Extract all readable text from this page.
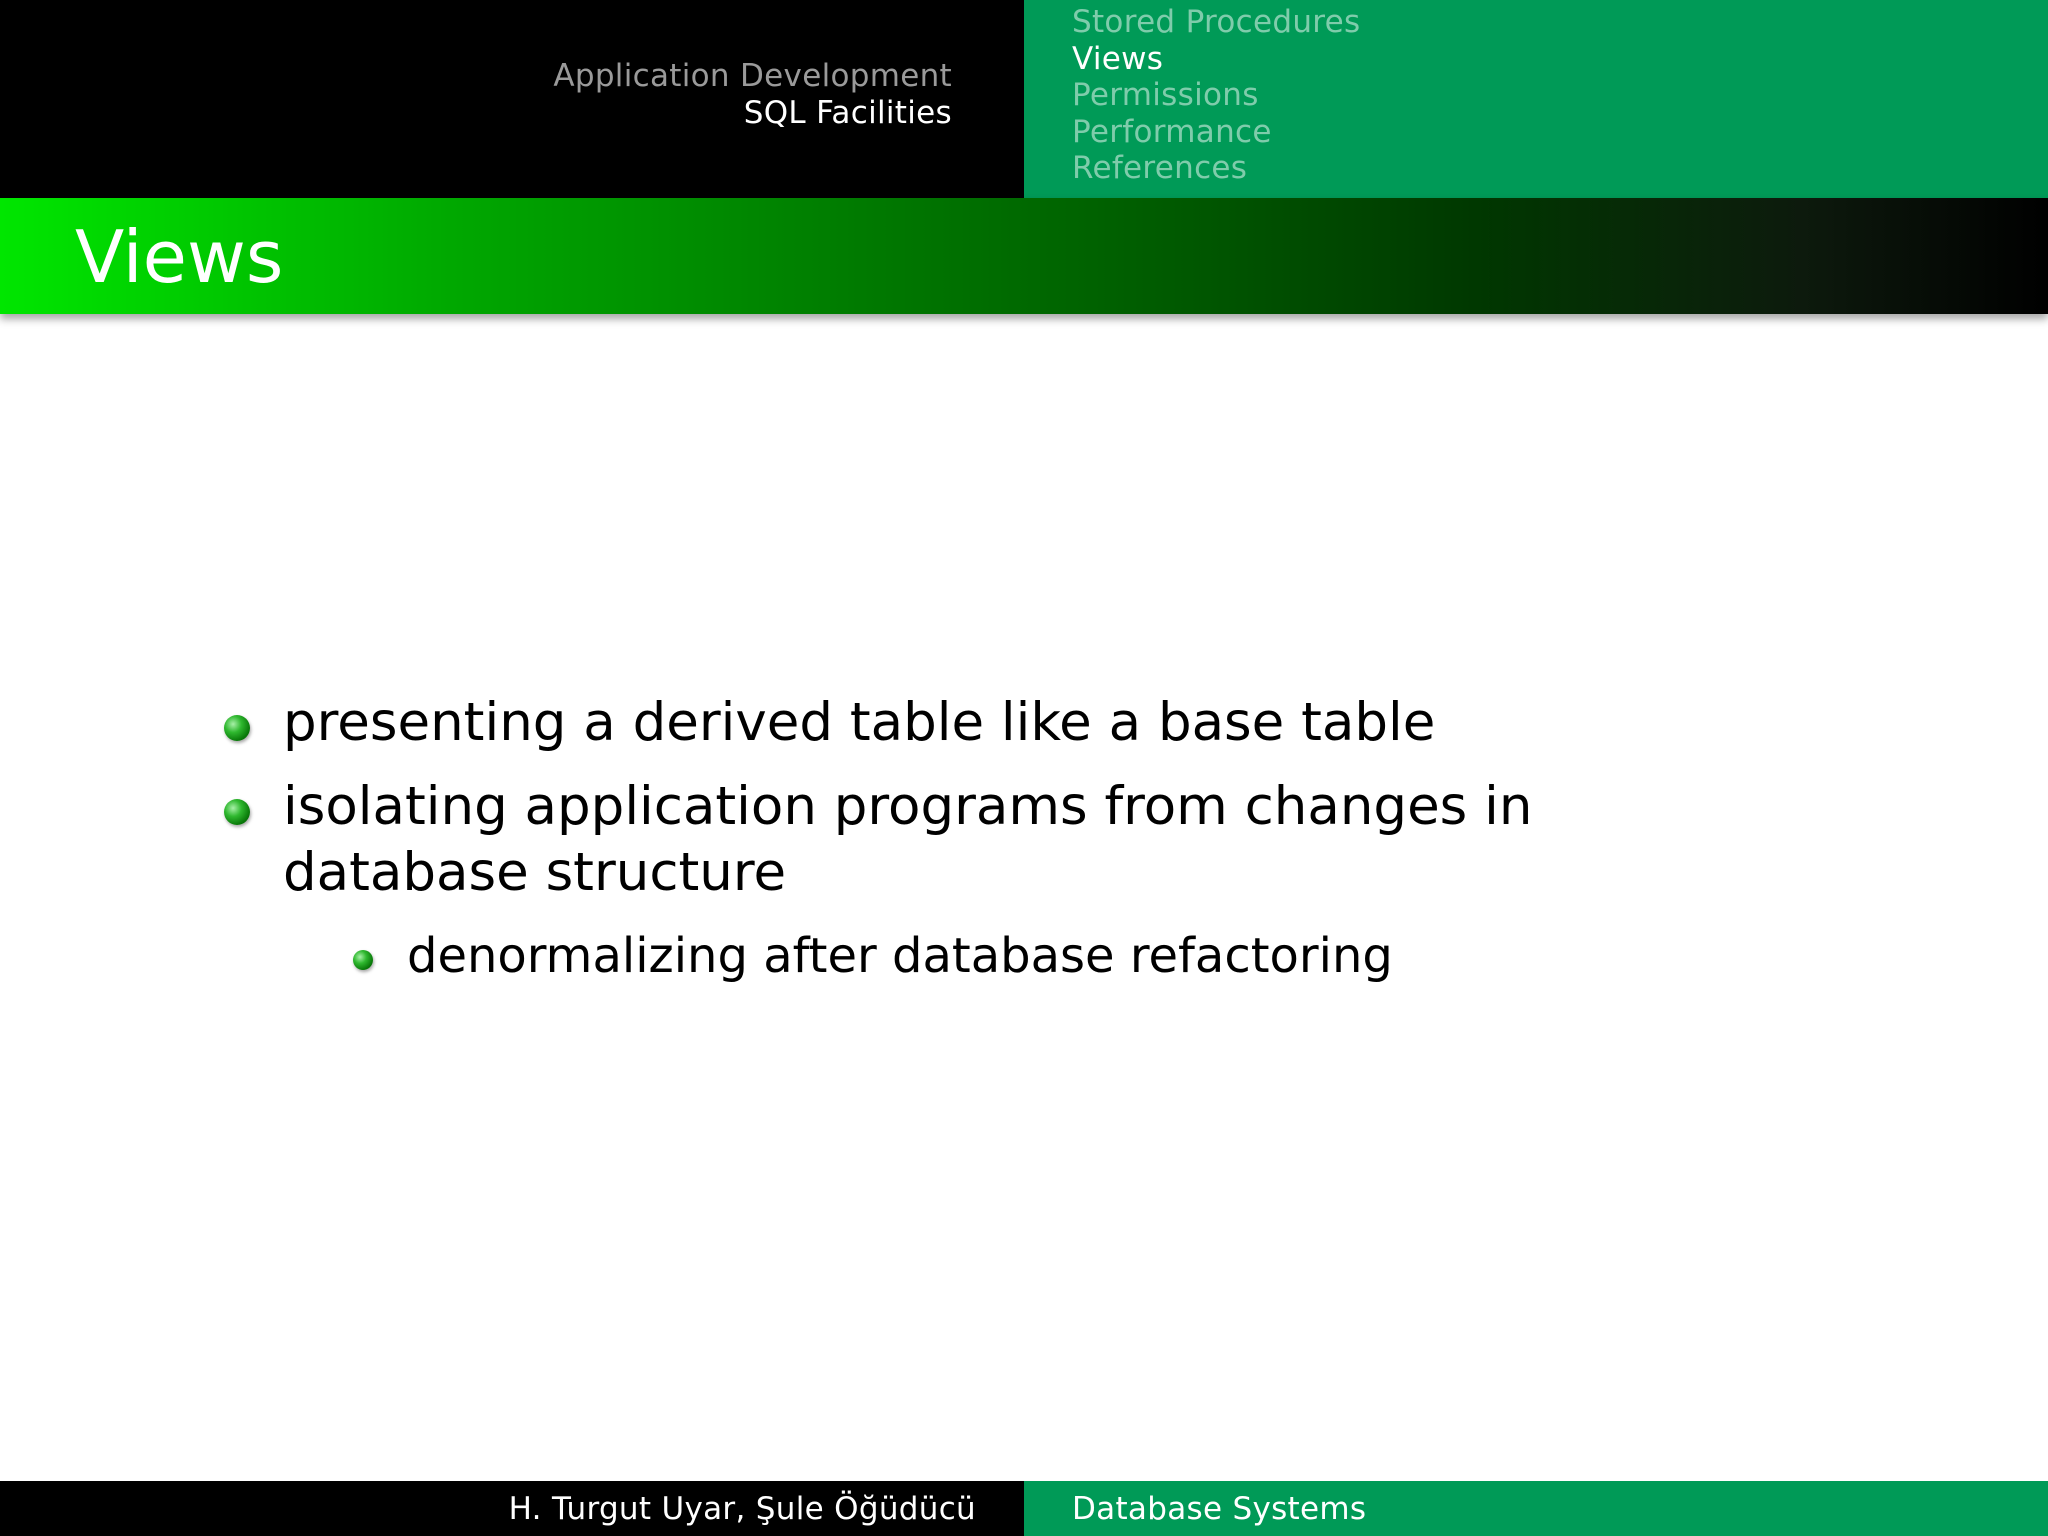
Application Development
SQL Facilities
Stored Procedures
Views
Permissions
Performance
References
Views
presenting a derived table like a base table
isolating application programs from changes in database structure
denormalizing after database refactoring
H. Turgut Uyar, Şule Öğüdücü	Database Systems
